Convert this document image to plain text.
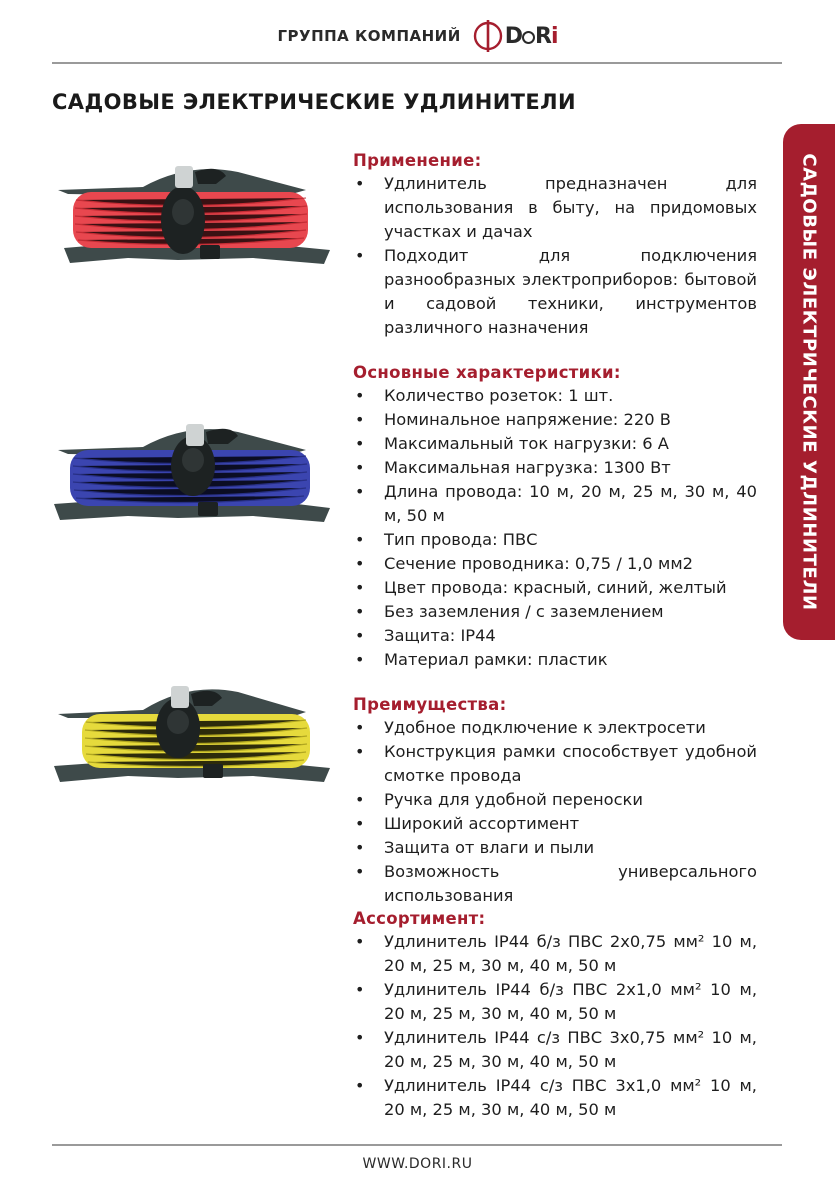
ГРУППА КОМПАНИЙ D Ri
САДОВЫЕ ЭЛЕКТРИЧЕСКИЕ УДЛИНИТЕЛИ
САДОВЫЕ ЭЛЕКТРИЧЕСКИЕ УДЛИНИТЕЛИ

Применение:

• Удлинитель предназначен для использования в быту, на придомовых участках и дачах
• Подходит для подключения разнообразных электроприборов: бытовой и садовой техники, инструментов различного назначения

Основные характеристики:

• Количество розеток: 1 шт.
• Номинальное напряжение: 220 В
• Максимальный ток нагрузки: 6 А
• Максимальная нагрузка: 1300 Вт
• Длина провода: 10 м, 20 м, 25 м, 30 м, 40 м, 50 м
• Тип провода: ПВС
• Сечение проводника: 0,75 / 1,0 мм2
• Цвет провода: красный, синий, желтый
• Без заземления / с заземлением
• Защита: IP44
• Материал рамки: пластик

Преимущества:

• Удобное подключение к электросети
• Конструкция рамки способствует удобной смотке провода
• Ручка для удобной переноски
• Широкий ассортимент
• Защита от влаги и пыли
• Возможность универсального использования

Ассортимент:

• Удлинитель IP44 б/з ПВС 2х0,75 мм² 10 м, 20 м, 25 м, 30 м, 40 м, 50 м
• Удлинитель IP44 б/з ПВС 2х1,0 мм² 10 м, 20 м, 25 м, 30 м, 40 м, 50 м
• Удлинитель IP44 с/з ПВС 3х0,75 мм² 10 м, 20 м, 25 м, 30 м, 40 м, 50 м
• Удлинитель IP44 с/з ПВС 3х1,0 мм² 10 м, 20 м, 25 м, 30 м, 40 м, 50 м
WWW.DORI.RU
